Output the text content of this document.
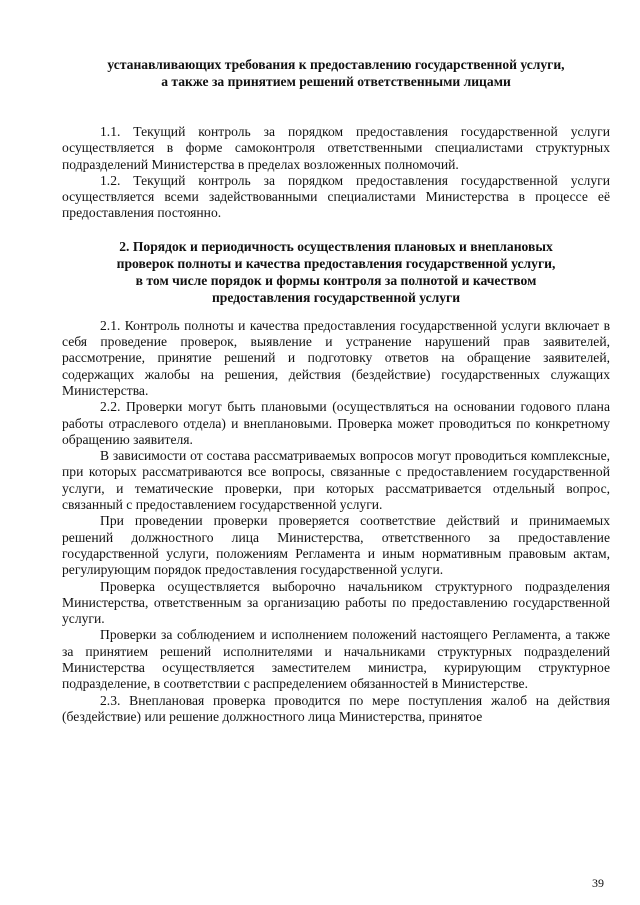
устанавливающих требования к предоставлению государственной услуги,
а также за принятием решений ответственными лицами

1.1. Текущий контроль за порядком предоставления государственной услуги осуществляется в форме самоконтроля ответственными специалистами структурных подразделений Министерства в пределах возложенных полномочий.

1.2. Текущий контроль за порядком предоставления государственной услуги осуществляется всеми задействованными специалистами Министерства в процессе её предоставления постоянно.

2. Порядок и периодичность осуществления плановых и внеплановых
проверок полноты и качества предоставления государственной услуги,
в том числе порядок и формы контроля за полнотой и качеством
предоставления государственной услуги

2.1. Контроль полноты и качества предоставления государственной услуги включает в себя проведение проверок, выявление и устранение нарушений прав заявителей, рассмотрение, принятие решений и подготовку ответов на обращение заявителей, содержащих жалобы на решения, действия (бездействие) государственных служащих Министерства.

2.2. Проверки могут быть плановыми (осуществляться на основании годового плана работы отраслевого отдела) и внеплановыми. Проверка может проводиться по конкретному обращению заявителя.

В зависимости от состава рассматриваемых вопросов могут проводиться комплексные, при которых рассматриваются все вопросы, связанные с предоставлением государственной услуги, и тематические проверки, при которых рассматривается отдельный вопрос, связанный с предоставлением государственной услуги.

При проведении проверки проверяется соответствие действий и принимаемых решений должностного лица Министерства, ответственного за предоставление государственной услуги, положениям Регламента и иным нормативным правовым актам, регулирующим порядок предоставления государственной услуги.

Проверка осуществляется выборочно начальником структурного подразделения Министерства, ответственным за организацию работы по предоставлению государственной услуги.

Проверки за соблюдением и исполнением положений настоящего Регламента, а также за принятием решений исполнителями и начальниками структурных подразделений Министерства осуществляется заместителем министра, курирующим структурное подразделение, в соответствии с распределением обязанностей в Министерстве.

2.3. Внеплановая проверка проводится по мере поступления жалоб на действия (бездействие) или решение должностного лица Министерства, принятое

39
